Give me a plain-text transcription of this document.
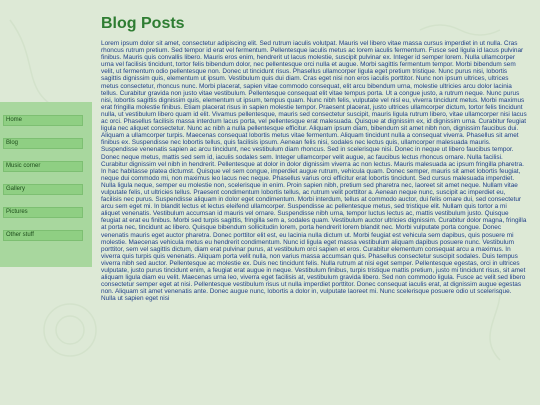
Home
Blog
Music corner
Gallery
Pictures
Other stuff
Blog Posts

Lorem ipsum dolor sit amet, consectetur adipiscing elit. Sed rutrum iaculis volutpat. Mauris vel libero vitae massa cursus imperdiet in ut nulla. Cras rhoncus rutrum pretium. Sed tempor id erat vel fermentum. Pellentesque iaculis metus ac lorem iaculis fermentum. Fusce sed ligula id lacus pulvinar finibus. Mauris quis convallis libero. Mauris eros enim, hendrerit ut lacus molestie, suscipit pulvinar ex. Integer id semper lorem. Nulla ullamcorper urna vel facilisis tincidunt, tortor felis bibendum dolor, nec pellentesque orci nulla et augue. Morbi sagittis fermentum tempor. Morbi bibendum sem velit, ut fermentum odio pellentesque non. Donec ut tincidunt risus. Phasellus ullamcorper ligula eget pretium tristique. Nunc purus nisi, lobortis sagittis dignissim quis, elementum ut ipsum. Vestibulum quis dui diam. Cras eget nisi non eros iaculis porttitor. Nunc non ipsum ultrices, ultrices metus consectetur, rhoncus nunc. Morbi placerat, sapien vitae commodo consequat, elit arcu bibendum urna, molestie ultricies arcu dolor lacinia tellus. Curabitur gravida non justo vitae vestibulum. Pellentesque consequat elit vitae tempus porta. Ut a congue justo, a rutrum neque. Nunc purus nisi, lobortis sagittis dignissim quis, elementum ut ipsum, tempus quam. Nunc nibh felis, vulputate vel nisl eu, viverra tincidunt metus. Morbi maximus erat fringilla molestie finibus. Etiam placerat risus in sapien molestie tempor. Praesent placerat, justo ultrices ullamcorper dictum, tortor felis tincidunt nulla, ut vestibulum libero quam id elit. Vivamus pellentesque, mauris sed consectetur suscipit, mauris ligula rutrum libero, vitae ullamcorper nisi lacus ac orci. Phasellus facilisis massa interdum lacus porta, vel pellentesque erat malesuada. Quisque at dignissim ex, id dignissim urna. Curabitur feugiat ligula nec aliquet consectetur. Nunc ac nibh a nulla pellentesque efficitur. Aliquam ipsum diam, bibendum sit amet nibh non, dignissim faucibus dui. Aliquam a ullamcorper turpis. Maecenas consequat lobortis metus vitae fermentum. Aliquam tincidunt nulla a consequat viverra. Phasellus sit amet finibus ex. Suspendisse nec lobortis tellus, quis facilisis ipsum. Aenean felis nisi, sodales nec lectus quis, ullamcorper malesuada mauris. Suspendisse venenatis sapien ac arcu tincidunt, nec vestibulum diam rhoncus. Sed in scelerisque nisi. Donec in neque ut libero faucibus tempor. Donec neque metus, mattis sed sem id, iaculis sodales sem. Integer ullamcorper velit augue, ac faucibus lectus rhoncus ornare. Nulla facilisi. Curabitur dignissim vel nibh in hendrerit. Pellentesque at dolor in dolor dignissim viverra ac non lectus. Mauris malesuada ac ipsum fringilla pharetra. In hac habitasse platea dictumst. Quisque vel sem congue, imperdiet augue rutrum, vehicula quam. Donec semper, mauris sit amet lobortis feugiat, neque dui commodo mi, non maximus leo lacus nec neque. Phasellus varius orci efficitur erat lobortis tincidunt. Sed cursus malesuada imperdiet. Nulla ligula neque, semper eu molestie non, scelerisque in enim. Proin sapien nibh, pretium sed pharetra nec, laoreet sit amet neque. Nullam vitae vulputate felis, ut ultricies tellus. Praesent condimentum lobortis tellus, ac rutrum velit porttitor a. Aenean neque nunc, suscipit ac imperdiet eu, facilisis nec purus. Suspendisse aliquam in dolor eget condimentum. Morbi interdum, tellus at commodo auctor, dui felis ornare dui, sed consectetur arcu sem eget mi. In blandit lectus et lectus eleifend ullamcorper. Suspendisse ac pellentesque metus, sed tristique elit. Nullam quis tortor a mi aliquet venenatis. Vestibulum accumsan id mauris vel ornare. Suspendisse nibh urna, tempor luctus lectus ac, mattis vestibulum justo. Quisque feugiat at erat eu finibus. Morbi sed turpis sagittis, fringilla sem a, sodales quam. Vestibulum auctor ultricies dignissim. Curabitur dolor magna, fringilla at porta nec, tincidunt ac libero. Quisque bibendum sollicitudin lorem, porta hendrerit lorem blandit nec. Morbi vulputate porta congue. Donec venenatis mauris eget auctor pharetra. Donec porttitor elit est, eu lacinia nulla dictum ut. Morbi feugiat est vehicula sem dapibus, quis posuere mi molestie. Maecenas vehicula metus eu hendrerit condimentum. Nunc id ligula eget massa vestibulum aliquam dapibus posuere nunc. Vestibulum porttitor, sem vel sagittis dictum, diam erat pulvinar purus, at vestibulum orci sapien et eros. Curabitur elementum consequat arcu a maximus. In viverra quis turpis quis venenatis. Aliquam porta velit nulla, non varius massa accumsan quis. Phasellus consectetur suscipit sodales. Duis tempus viverra nibh sed auctor. Pellentesque ac molestie ex. Duis nec tincidunt felis. Nulla rutrum at nisi eget semper. Pellentesque egestas, orci in ultrices vulputate, justo purus tincidunt enim, a feugiat erat augue in neque. Vestibulum finibus, turpis tristique mattis pretium, justo mi tincidunt risus, sit amet aliquam ligula diam eu velit. Maecenas urna leo, viverra eget facilisis at, vestibulum gravida libero. Sed non commodo ligula. Fusce ac velit sed libero consectetur semper eget at nisi. Pellentesque vestibulum risus ut nulla imperdiet porttitor. Donec consequat iaculis erat, at dignissim augue egestas non. Aliquam sit amet venenatis ante. Donec augue nunc, lobortis a dolor in, vulputate laoreet mi. Nunc scelerisque posuere odio ut scelerisque. Nulla ut sapien eget nisi
